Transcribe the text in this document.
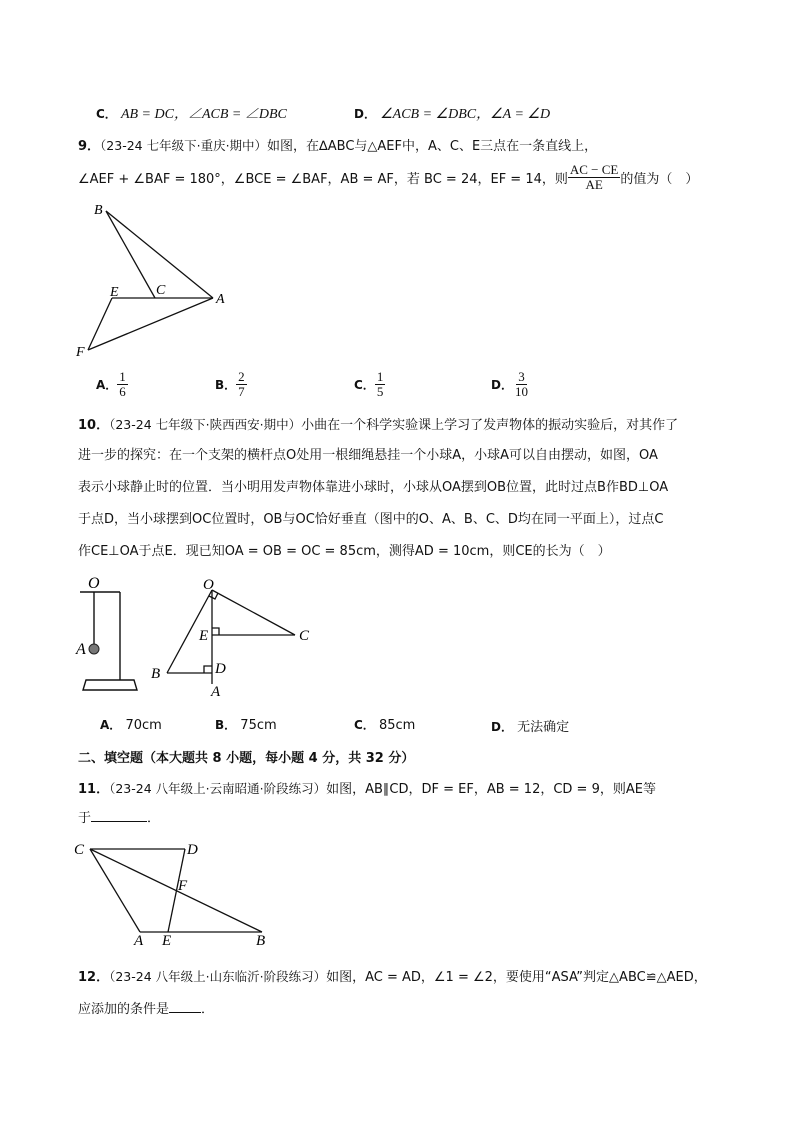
C． AB = DC，∠ACB = ∠DBC	D． ∠ACB = ∠DBC，∠A = ∠D
9．（23-24 七年级下·重庆·期中）如图，在∆ABC与△AEF中，A、C、E三点在一条直线上，
∠AEF + ∠BAF = 180°，∠BCE = ∠BAF，AB = AF，若 BC = 24，EF = 14，则 $\frac{AC - CE}{AE}$ 的值为（　）
B
E	C
A
F
A． $\frac{1}{6}$	B． $\frac{2}{7}$	C． $\frac{1}{5}$	D． $\frac{3}{10}$
10．（23-24 七年级下·陕西西安·期中）小曲在一个科学实验课上学习了发声物体的振动实验后，对其作了
进一步的探究：在一个支架的横杆点O处用一根细绳悬挂一个小球A，小球A可以自由摆动，如图，OA
表示小球静止时的位置．当小明用发声物体靠进小球时，小球从OA摆到OB位置，此时过点B作BD⊥OA
于点D，当小球摆到OC位置时，OB与OC恰好垂直（图中的O、A、B、C、D均在同一平面上），过点C
作CE⊥OA于点E．现已知OA = OB = OC = 85cm，测得AD = 10cm，则CE的长为（　）
O
A
O
E	C
B	D
A
A． 70cm	B． 75cm	C． 85cm	D． 无法确定
二、填空题（本大题共 8 小题，每小题 4 分，共 32 分）
11．（23-24 八年级上·云南昭通·阶段练习）如图，AB∥CD，DF = EF，AB = 12，CD = 9，则AE等
于	．
C	D
F
A E	B
12．（23-24 八年级上·山东临沂·阶段练习）如图，AC = AD，∠1 = ∠2，要使用“ASA”判定△ABC≌△AED，
应添加的条件是 ．
